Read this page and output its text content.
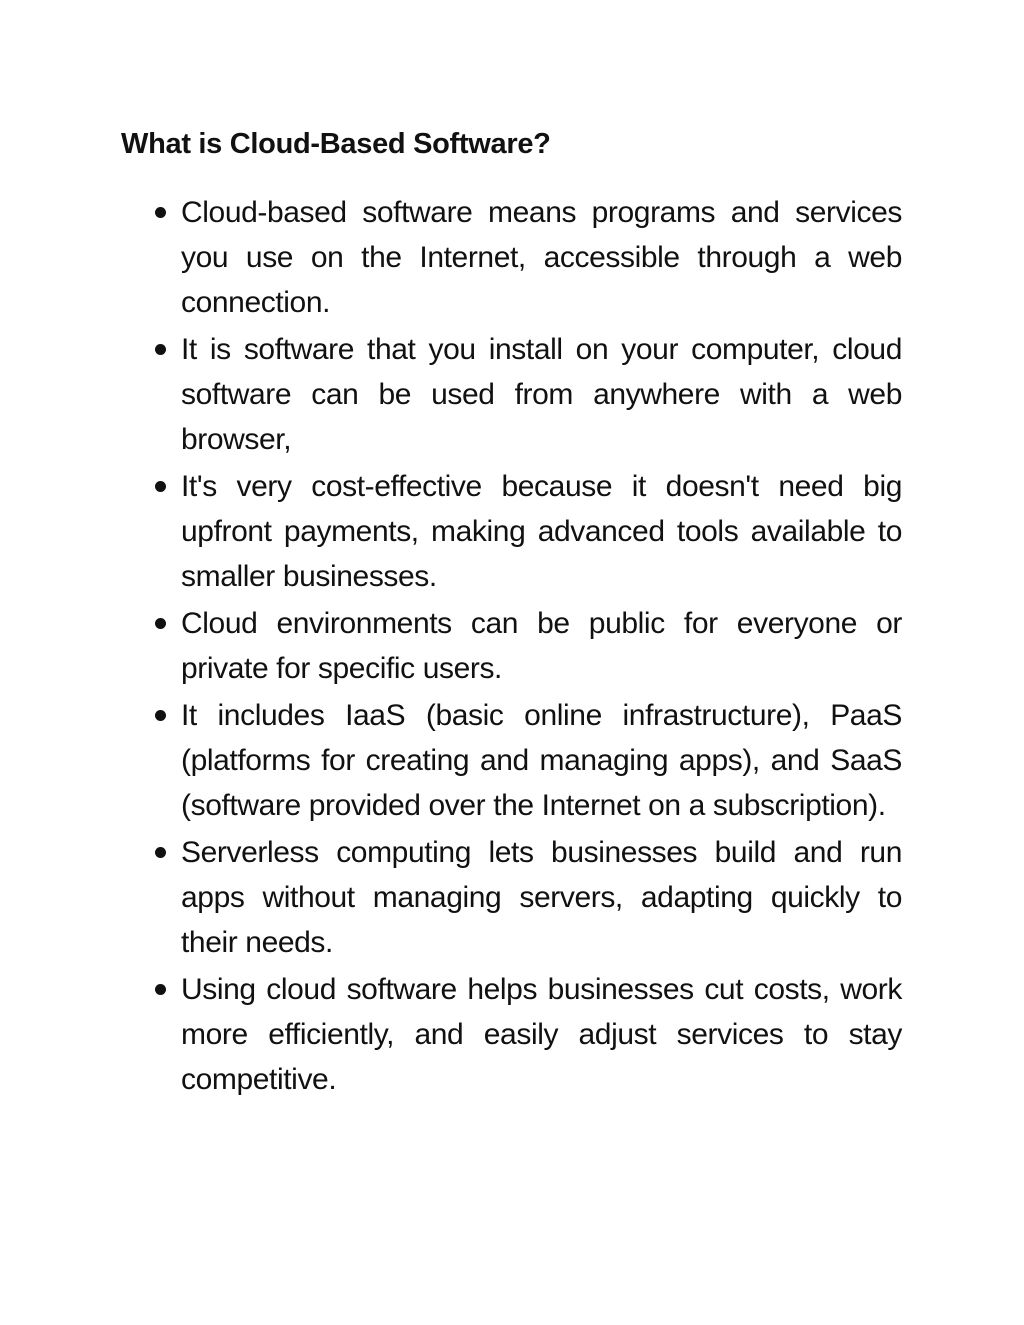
What is Cloud-Based Software?
Cloud-based software means programs and services you use on the Internet, accessible through a web connection.
It is software that you install on your computer, cloud software can be used from anywhere with a web browser,
It's very cost-effective because it doesn't need big upfront payments, making advanced tools available to smaller businesses.
Cloud environments can be public for everyone or private for specific users.
It includes IaaS (basic online infrastructure), PaaS (platforms for creating and managing apps), and SaaS (software provided over the Internet on a subscription).
Serverless computing lets businesses build and run apps without managing servers, adapting quickly to their needs.
Using cloud software helps businesses cut costs, work more efficiently, and easily adjust services to stay competitive.
